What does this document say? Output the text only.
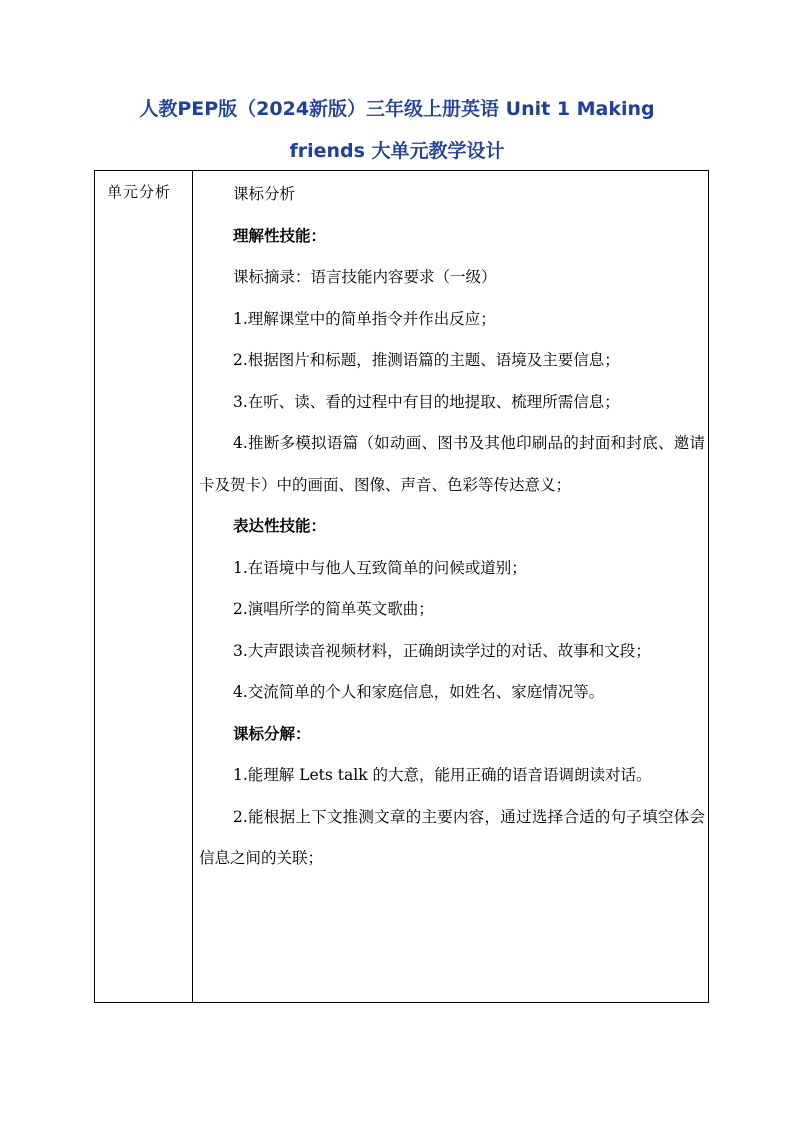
人教PEP版（2024新版）三年级上册英语 Unit 1 Making
friends 大单元教学设计
单元分析	课标分析

理解性技能：

课标摘录：语言技能内容要求（一级）

1.理解课堂中的简单指令并作出反应；

2.根据图片和标题，推测语篇的主题、语境及主要信息；

3.在听、读、看的过程中有目的地提取、梳理所需信息；

4.推断多模拟语篇（如动画、图书及其他印刷品的封面和封底、邀请卡及贺卡）中的画面、图像、声音、色彩等传达意义；

表达性技能：

1.在语境中与他人互致简单的问候或道别；

2.演唱所学的简单英文歌曲；

3.大声跟读音视频材料，正确朗读学过的对话、故事和文段；

4.交流简单的个人和家庭信息，如姓名、家庭情况等。

课标分解：

1.能理解 Lets talk 的大意，能用正确的语音语调朗读对话。

2.能根据上下文推测文章的主要内容，通过选择合适的句子填空体会信息之间的关联；
